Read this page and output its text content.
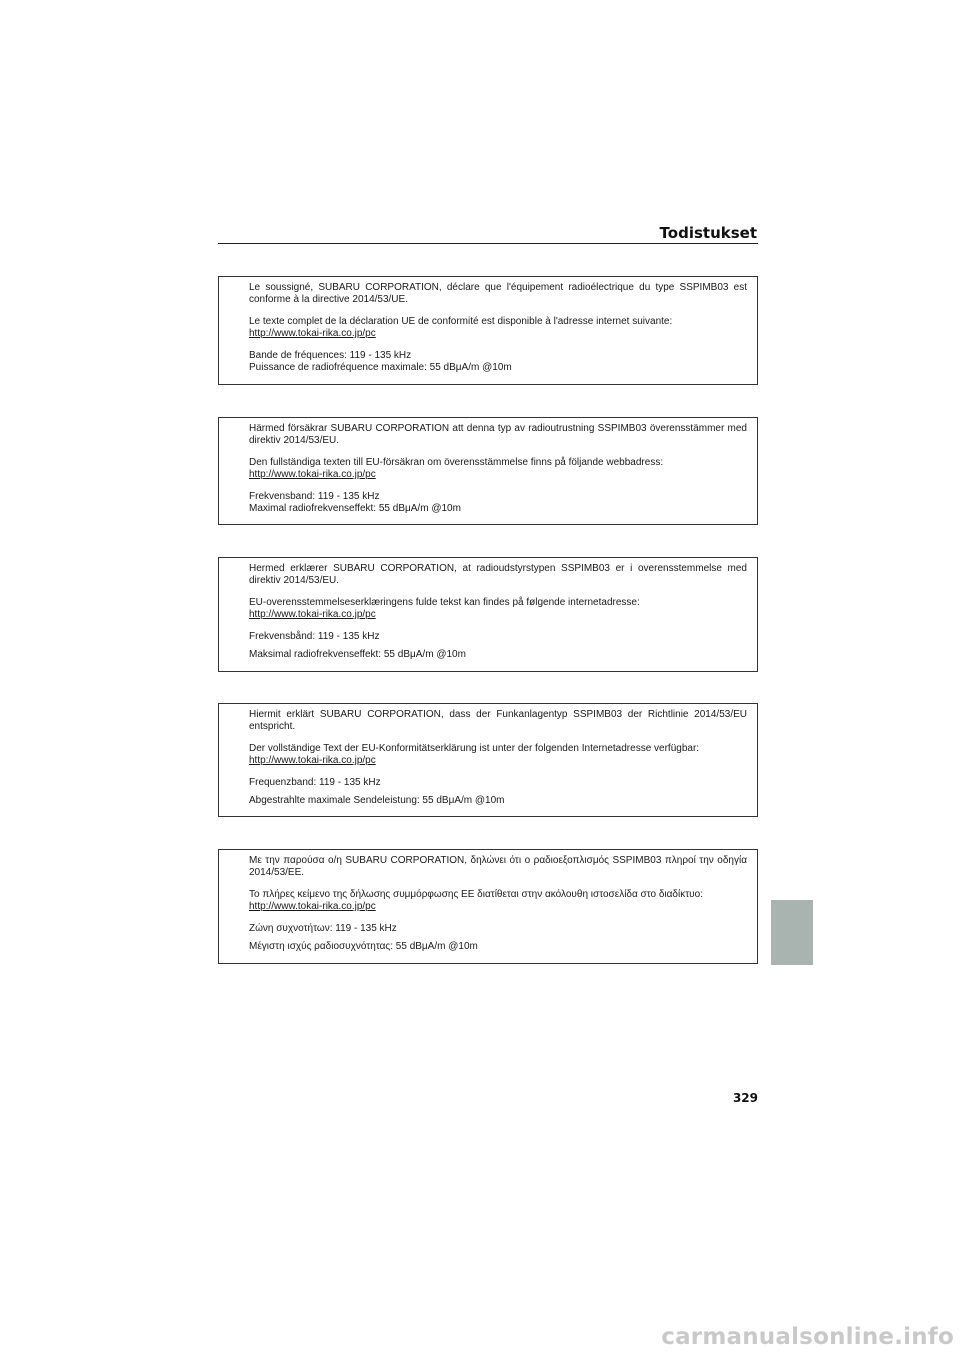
Todistukset

Le soussigné, SUBARU CORPORATION, déclare que l'équipement radioélectrique du type SSPIMB03 est conforme à la directive 2014/53/UE.

Le texte complet de la déclaration UE de conformité est disponible à l'adresse internet suivante:

http://www.tokai-rika.co.jp/pc

Bande de fréquences: 119 - 135 kHz

Puissance de radiofréquence maximale: 55 dBμA/m @10m

Härmed försäkrar SUBARU CORPORATION att denna typ av radioutrustning SSPIMB03 överensstämmer med direktiv 2014/53/EU.

Den fullständiga texten till EU-försäkran om överensstämmelse finns på följande webbadress:

http://www.tokai-rika.co.jp/pc

Frekvensband: 119 - 135 kHz

Maximal radiofrekvenseffekt: 55 dBμA/m @10m

Hermed erklærer SUBARU CORPORATION, at radioudstyrstypen SSPIMB03 er i overensstemmelse med direktiv 2014/53/EU.

EU-overensstemmelseserklæringens fulde tekst kan findes på følgende internetadresse:

http://www.tokai-rika.co.jp/pc

Frekvensbånd: 119 - 135 kHz

Maksimal radiofrekvenseffekt: 55 dBμA/m @10m

Hiermit erklärt SUBARU CORPORATION, dass der Funkanlagentyp SSPIMB03 der Richtlinie 2014/53/EU entspricht.

Der vollständige Text der EU-Konformitätserklärung ist unter der folgenden Internetadresse verfügbar:

http://www.tokai-rika.co.jp/pc

Frequenzband: 119 - 135 kHz

Abgestrahlte maximale Sendeleistung: 55 dBμA/m @10m

Με την παρούσα ο/η SUBARU CORPORATION, δηλώνει ότι ο ραδιοεξοπλισμός SSPIMB03 πληροί την οδηγία 2014/53/ΕΕ.

Το πλήρες κείμενο της δήλωσης συμμόρφωσης ΕΕ διατίθεται στην ακόλουθη ιστοσελίδα στο διαδίκτυο:

http://www.tokai-rika.co.jp/pc

Ζώνη συχνοτήτων: 119 - 135 kHz

Μέγιστη ισχύς ραδιοσυχνότητας: 55 dBμA/m @10m

329
carmanualsonline.info
